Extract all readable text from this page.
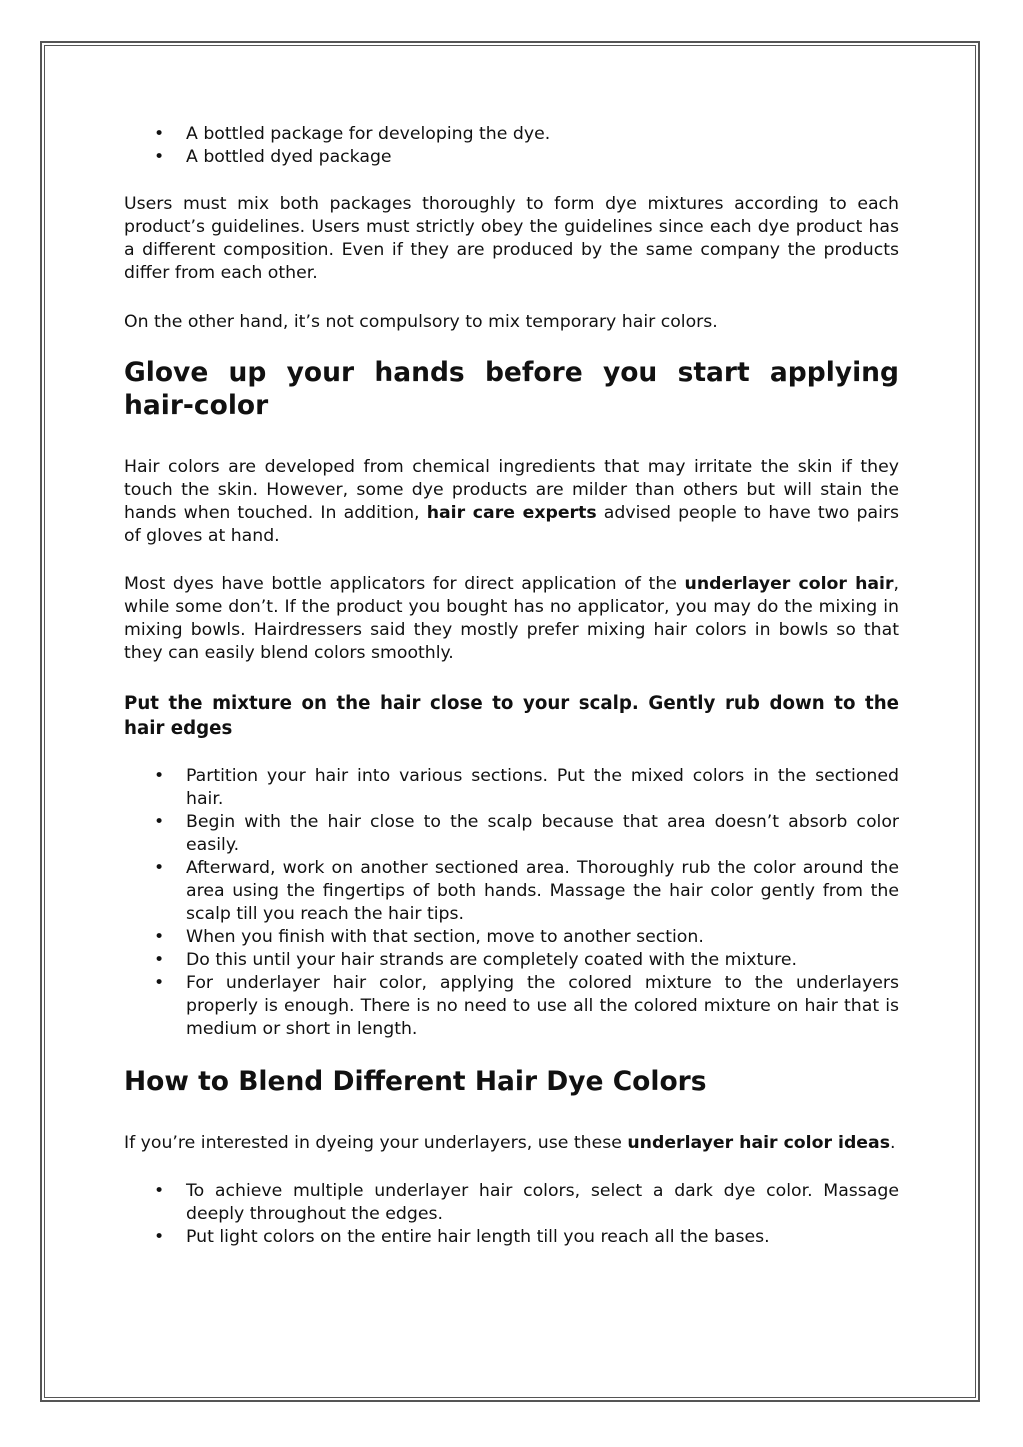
• A bottled package for developing the dye.
• A bottled dyed package

Users must mix both packages thoroughly to form dye mixtures according to each product’s guidelines. Users must strictly obey the guidelines since each dye product has a different composition. Even if they are produced by the same company the products differ from each other.

On the other hand, it’s not compulsory to mix temporary hair colors.

Glove up your hands before you start applying hair-color

Hair colors are developed from chemical ingredients that may irritate the skin if they touch the skin. However, some dye products are milder than others but will stain the hands when touched. In addition, hair care experts advised people to have two pairs of gloves at hand.

Most dyes have bottle applicators for direct application of the underlayer color hair, while some don’t. If the product you bought has no applicator, you may do the mixing in mixing bowls. Hairdressers said they mostly prefer mixing hair colors in bowls so that they can easily blend colors smoothly.

Put the mixture on the hair close to your scalp. Gently rub down to the hair edges
• Partition your hair into various sections. Put the mixed colors in the sectioned hair.
• Begin with the hair close to the scalp because that area doesn’t absorb color easily.
• Afterward, work on another sectioned area. Thoroughly rub the color around the area using the fingertips of both hands. Massage the hair color gently from the scalp till you reach the hair tips.
• When you finish with that section, move to another section.
• Do this until your hair strands are completely coated with the mixture.
• For underlayer hair color, applying the colored mixture to the underlayers properly is enough. There is no need to use all the colored mixture on hair that is medium or short in length.
How to Blend Different Hair Dye Colors

If you’re interested in dyeing your underlayers, use these underlayer hair color ideas.

• To achieve multiple underlayer hair colors, select a dark dye color. Massage deeply throughout the edges.
• Put light colors on the entire hair length till you reach all the bases.
